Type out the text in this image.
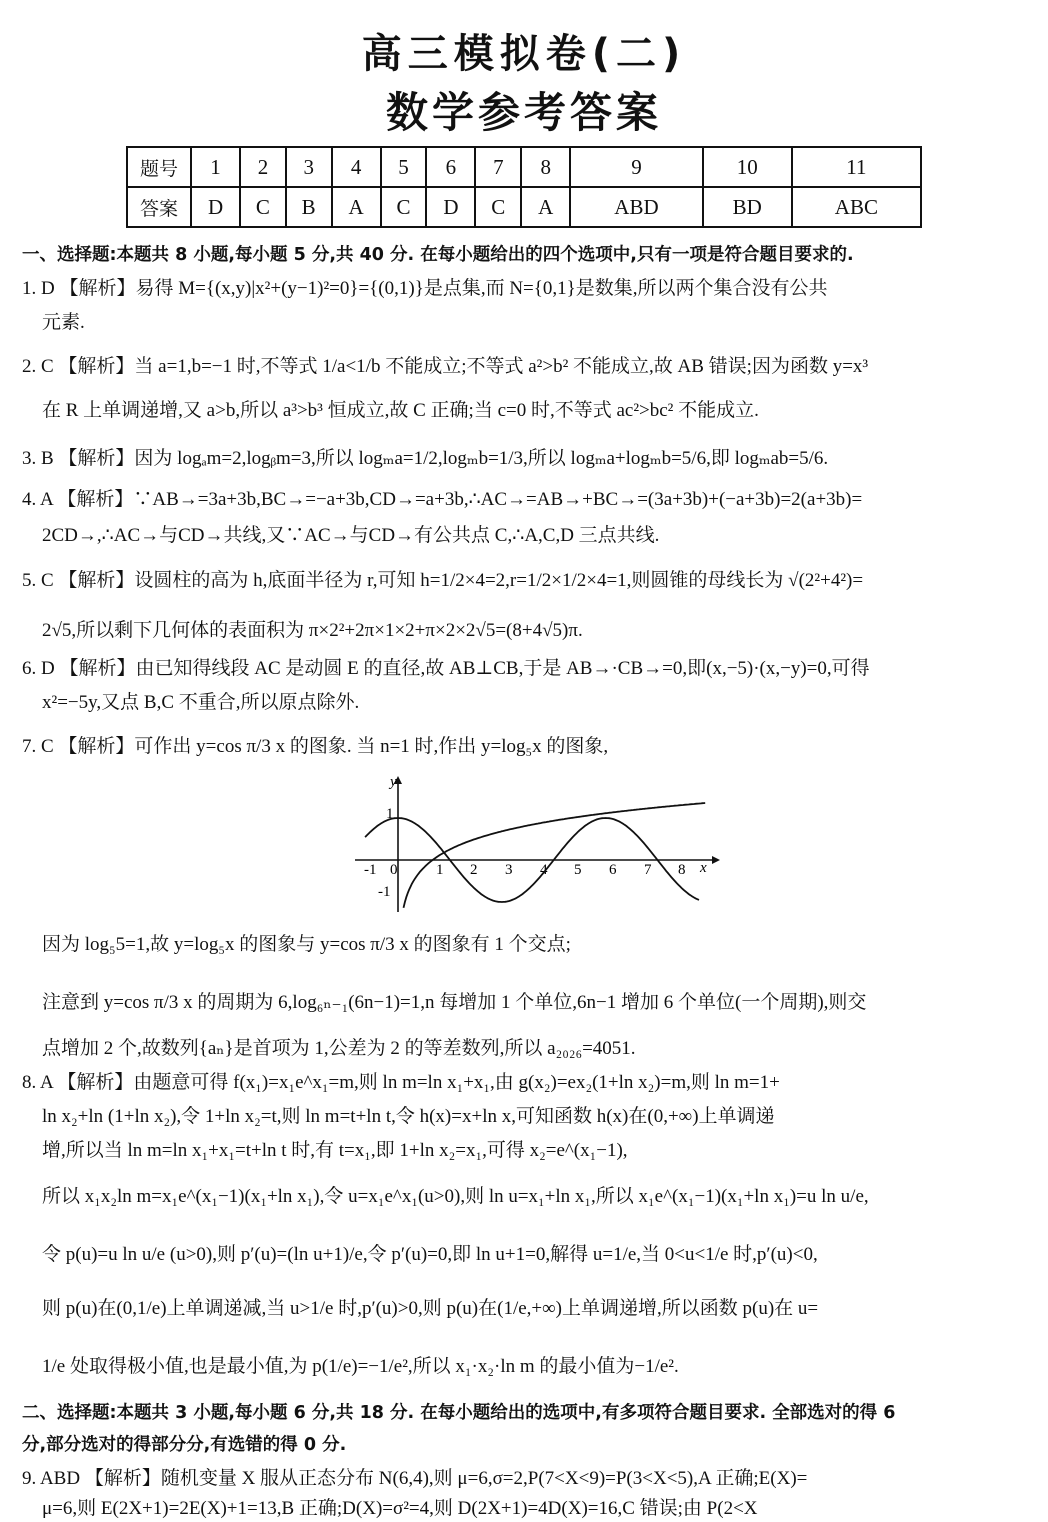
高三模拟卷(二)
数学参考答案
题号	1	2	3	4	5	6	7	8	9	10	11
答案	D	C	B	A	C	D	C	A	ABD	BD	ABC
一、选择题:本题共 8 小题,每小题 5 分,共 40 分. 在每小题给出的四个选项中,只有一项是符合题目要求的.
1. D 【解析】易得 M={(x,y)|x²+(y−1)²=0}={(0,1)}是点集,而 N={0,1}是数集,所以两个集合没有公共
元素.
2. C 【解析】当 a=1,b=−1 时,不等式 1/a<1/b 不能成立;不等式 a²>b² 不能成立,故 AB 错误;因为函数 y=x³
在 R 上单调递增,又 a>b,所以 a³>b³ 恒成立,故 C 正确;当 c=0 时,不等式 ac²>bc² 不能成立.
3. B 【解析】因为 logₐm=2,logᵦm=3,所以 logₘa=1/2,logₘb=1/3,所以 logₘa+logₘb=5/6,即 logₘab=5/6.
4. A 【解析】∵AB→=3a+3b,BC→=−a+3b,CD→=a+3b,∴AC→=AB→+BC→=(3a+3b)+(−a+3b)=2(a+3b)=
2CD→,∴AC→与CD→共线,又∵AC→与CD→有公共点 C,∴A,C,D 三点共线.
5. C 【解析】设圆柱的高为 h,底面半径为 r,可知 h=1/2×4=2,r=1/2×1/2×4=1,则圆锥的母线长为 √(2²+4²)=
2√5,所以剩下几何体的表面积为 π×2²+2π×1×2+π×2×2√5=(8+4√5)π.
6. D 【解析】由已知得线段 AC 是动圆 E 的直径,故 AB⊥CB,于是 AB→·CB→=0,即(x,−5)·(x,−y)=0,可得
x²=−5y,又点 B,C 不重合,所以原点除外.
7. C 【解析】可作出 y=cos π/3 x 的图象. 当 n=1 时,作出 y=log₅x 的图象,
x
y
-1 0	1 2 3 4 5 6 7 8
1
-1
因为 log₅5=1,故 y=log₅x 的图象与 y=cos π/3 x 的图象有 1 个交点;
注意到 y=cos π/3 x 的周期为 6,log₆ₙ₋₁(6n−1)=1,n 每增加 1 个单位,6n−1 增加 6 个单位(一个周期),则交
点增加 2 个,故数列{aₙ}是首项为 1,公差为 2 的等差数列,所以 a₂₀₂₆=4051.
8. A 【解析】由题意可得 f(x₁)=x₁e^x₁=m,则 ln m=ln x₁+x₁,由 g(x₂)=ex₂(1+ln x₂)=m,则 ln m=1+
ln x₂+ln (1+ln x₂),令 1+ln x₂=t,则 ln m=t+ln t,令 h(x)=x+ln x,可知函数 h(x)在(0,+∞)上单调递
增,所以当 ln m=ln x₁+x₁=t+ln t 时,有 t=x₁,即 1+ln x₂=x₁,可得 x₂=e^(x₁−1),
所以 x₁x₂ln m=x₁e^(x₁−1)(x₁+ln x₁),令 u=x₁e^x₁(u>0),则 ln u=x₁+ln x₁,所以 x₁e^(x₁−1)(x₁+ln x₁)=u ln u/e,
令 p(u)=u ln u/e (u>0),则 p′(u)=(ln u+1)/e,令 p′(u)=0,即 ln u+1=0,解得 u=1/e,当 0<u<1/e 时,p′(u)<0,
则 p(u)在(0,1/e)上单调递减,当 u>1/e 时,p′(u)>0,则 p(u)在(1/e,+∞)上单调递增,所以函数 p(u)在 u=
1/e 处取得极小值,也是最小值,为 p(1/e)=−1/e²,所以 x₁·x₂·ln m 的最小值为−1/e².
二、选择题:本题共 3 小题,每小题 6 分,共 18 分. 在每小题给出的选项中,有多项符合题目要求. 全部选对的得 6
分,部分选对的得部分分,有选错的得 0 分.
9. ABD 【解析】随机变量 X 服从正态分布 N(6,4),则 μ=6,σ=2,P(7<X<9)=P(3<X<5),A 正确;E(X)=
μ=6,则 E(2X+1)=2E(X)+1=13,B 正确;D(X)=σ²=4,则 D(2X+1)=4D(X)=16,C 错误;由 P(2<X
